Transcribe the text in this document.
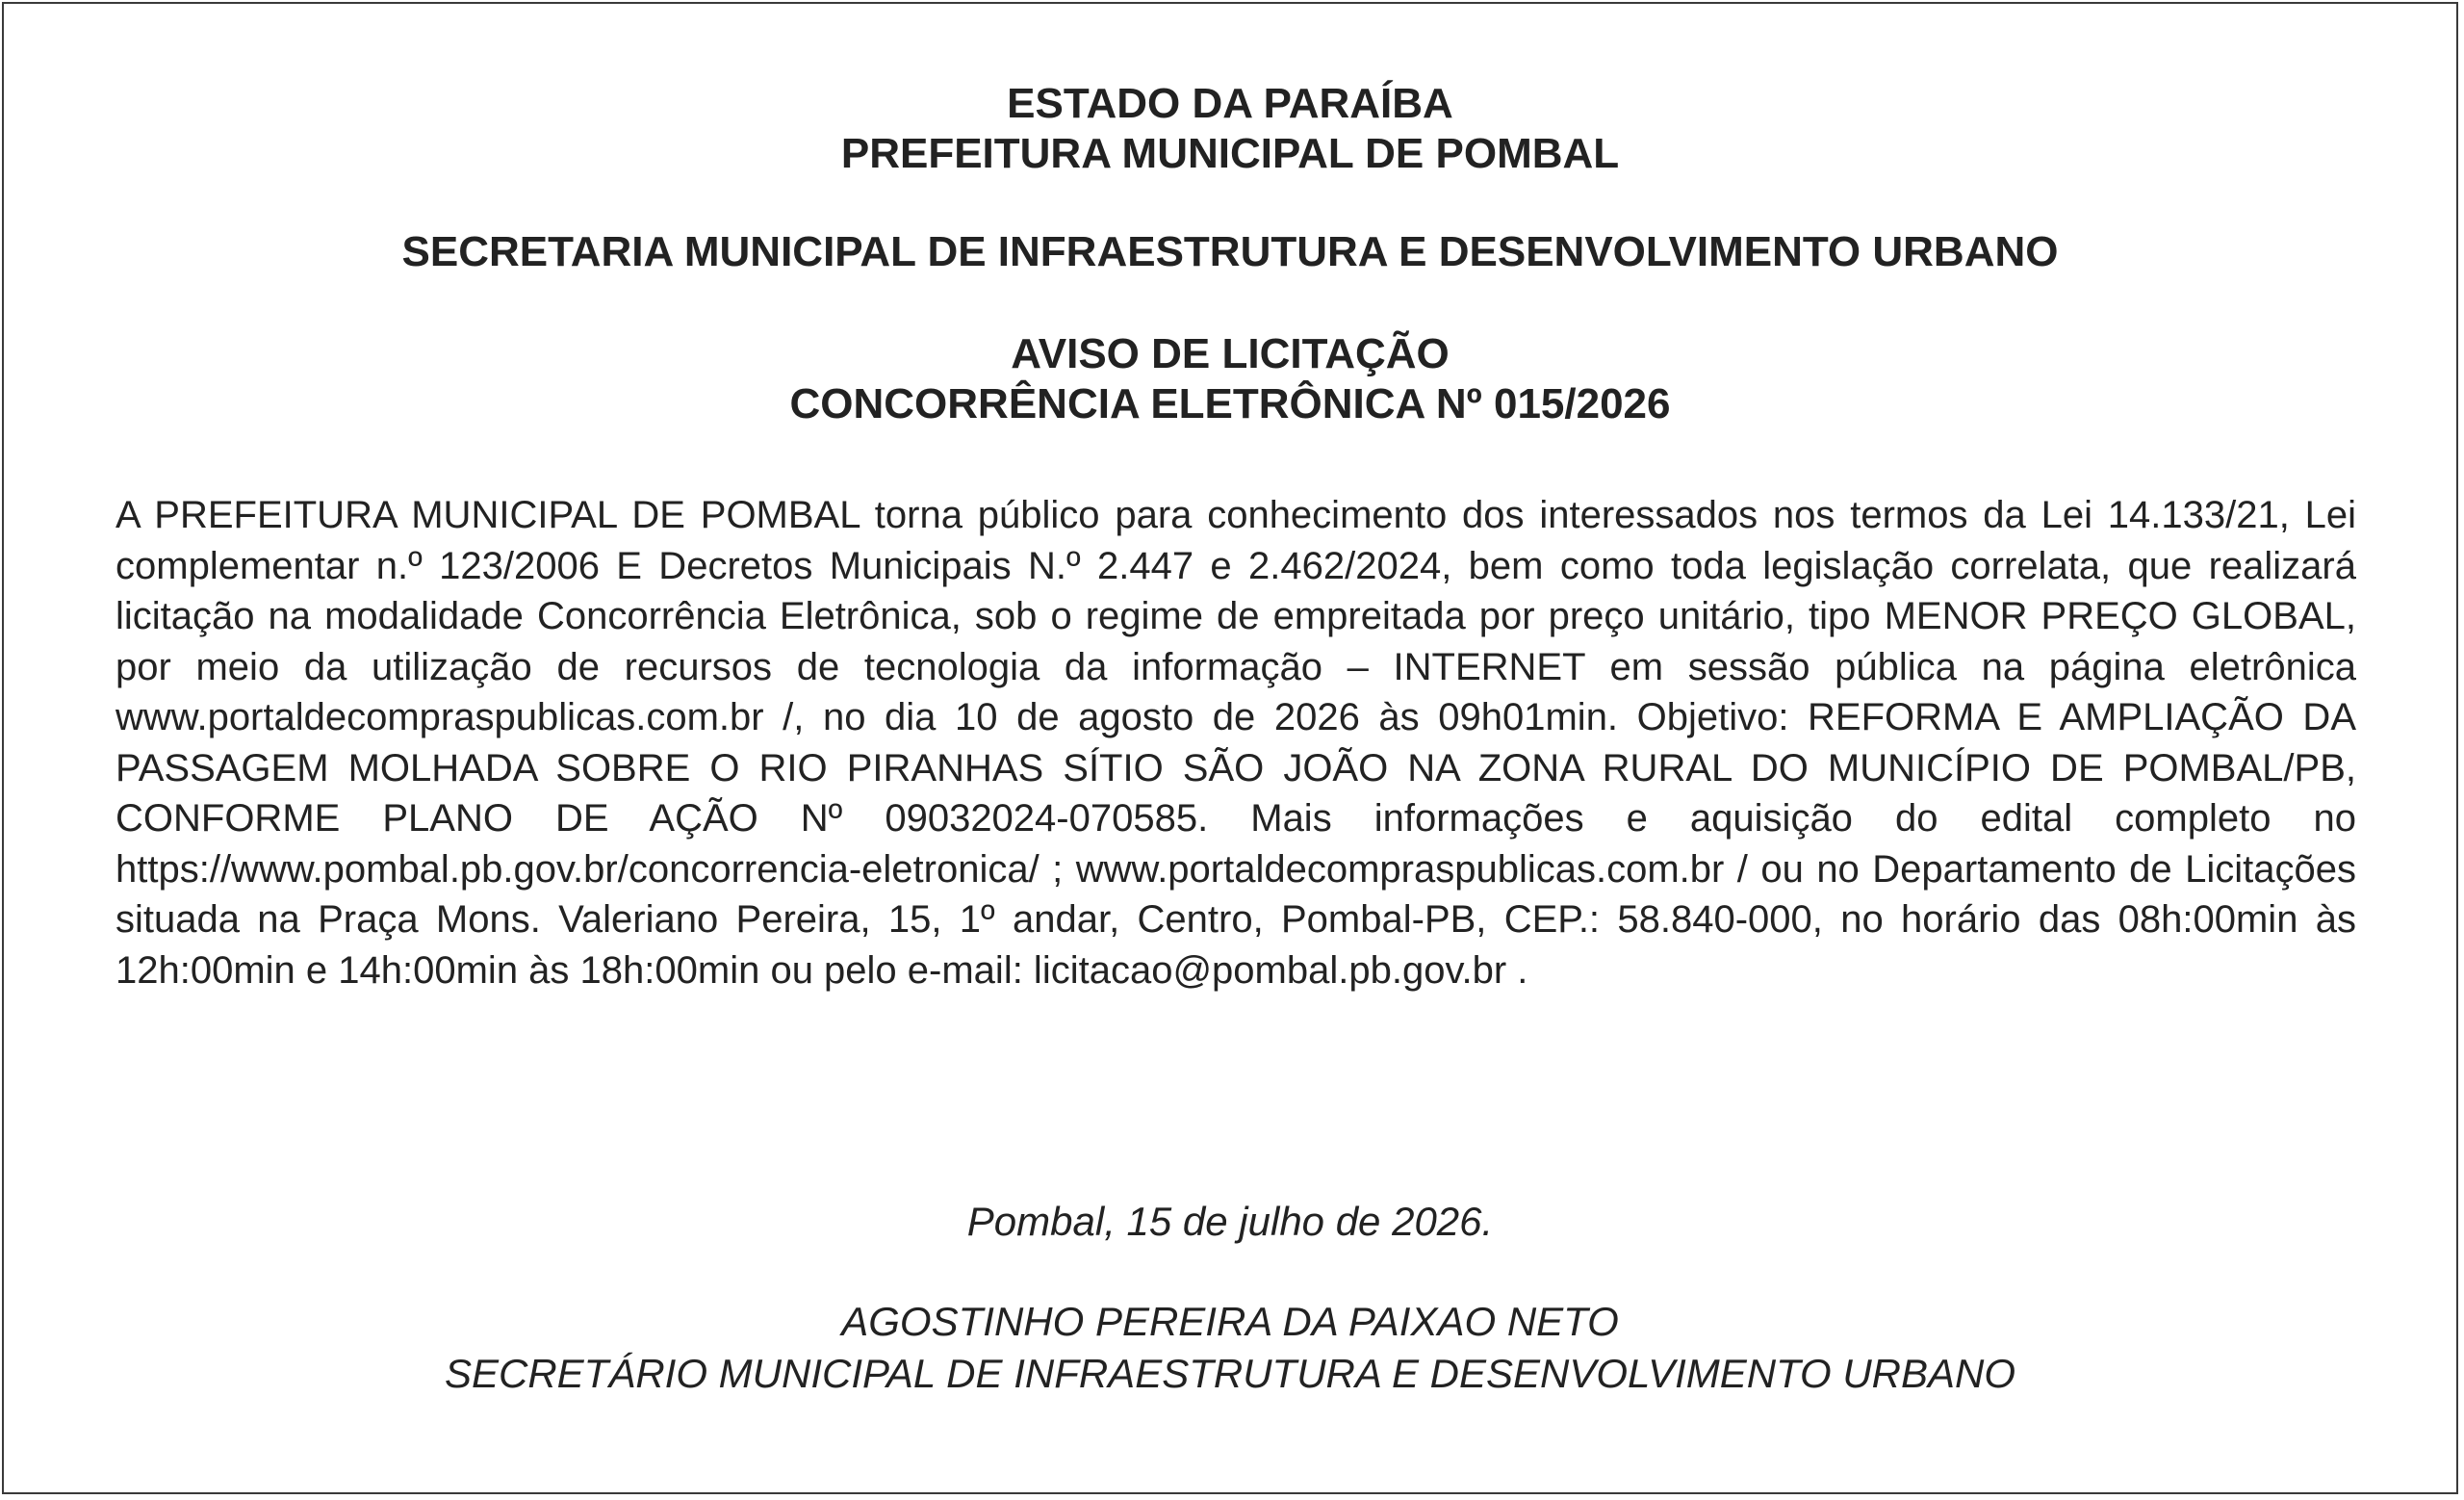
ESTADO DA PARAÍBA
PREFEITURA MUNICIPAL DE POMBAL
SECRETARIA MUNICIPAL DE INFRAESTRUTURA E DESENVOLVIMENTO URBANO
AVISO DE LICITAÇÃO
CONCORRÊNCIA ELETRÔNICA Nº 015/2026

A PREFEITURA MUNICIPAL DE POMBAL torna público para conhecimento dos interessados nos termos da Lei 14.133/21, Lei complementar n.º 123/2006 E Decretos Municipais N.º 2.447 e 2.462/2024, bem como toda legislação correlata, que realizará licitação na modalidade Concorrência Eletrônica, sob o regime de empreitada por preço unitário, tipo MENOR PREÇO GLOBAL, por meio da utilização de recursos de tecnologia da informação – INTERNET em sessão pública na página eletrônica www.portaldecompraspublicas.com.br /, no dia 10 de agosto de 2026 às 09h01min. Objetivo: REFORMA E AMPLIAÇÃO DA PASSAGEM MOLHADA SOBRE O RIO PIRANHAS SÍTIO SÃO JOÃO NA ZONA RURAL DO MUNICÍPIO DE POMBAL/PB, CONFORME PLANO DE AÇÃO Nº 09032024-070585. Mais informações e aquisição do edital completo no https://www.pombal.pb.gov.br/concorrencia-eletronica/ ; www.portaldecompraspublicas.com.br / ou no Departamento de Licitações situada na Praça Mons. Valeriano Pereira, 15, 1º andar, Centro, Pombal-PB, CEP.: 58.840-000, no horário das 08h:00min às 12h:00min e 14h:00min às 18h:00min ou pelo e-mail: licitacao@pombal.pb.gov.br .

Pombal, 15 de julho de 2026.
AGOSTINHO PEREIRA DA PAIXAO NETO
SECRETÁRIO MUNICIPAL DE INFRAESTRUTURA E DESENVOLVIMENTO URBANO
